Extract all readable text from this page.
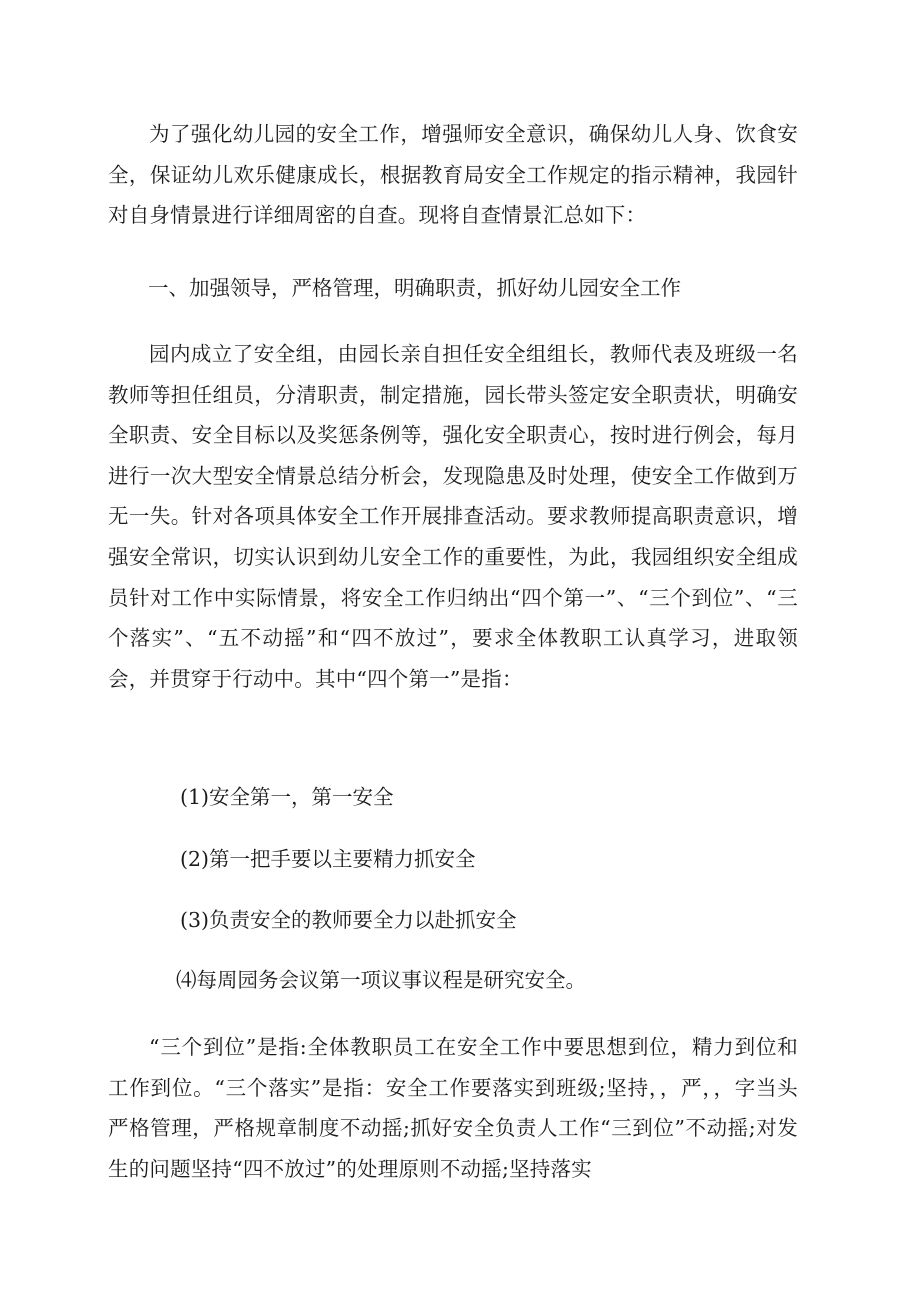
为了强化幼儿园的安全工作，增强师安全意识，确保幼儿人身、饮食安全，保证幼儿欢乐健康成长，根据教育局安全工作规定的指示精神，我园针对自身情景进行详细周密的自查。现将自查情景汇总如下：

一、加强领导，严格管理，明确职责，抓好幼儿园安全工作

园内成立了安全组，由园长亲自担任安全组组长，教师代表及班级一名教师等担任组员，分清职责，制定措施，园长带头签定安全职责状，明确安全职责、安全目标以及奖惩条例等，强化安全职责心，按时进行例会，每月进行一次大型安全情景总结分析会，发现隐患及时处理，使安全工作做到万无一失。针对各项具体安全工作开展排查活动。要求教师提高职责意识，增强安全常识，切实认识到幼儿安全工作的重要性，为此，我园组织安全组成员针对工作中实际情景，将安全工作归纳出“四个第一”、“三个到位”、“三个落实”、“五不动摇”和“四不放过”，要求全体教职工认真学习，进取领会，并贯穿于行动中。其中“四个第一”是指：

(1)安全第一，第一安全

(2)第一把手要以主要精力抓安全

(3)负责安全的教师要全力以赴抓安全

⑷每周园务会议第一项议事议程是研究安全。

“三个到位”是指:全体教职员工在安全工作中要思想到位，精力到位和工作到位。“三个落实”是指：安全工作要落实到班级;坚持，，严，，字当头严格管理，严格规章制度不动摇;抓好安全负责人工作“三到位”不动摇;对发生的问题坚持“四不放过”的处理原则不动摇;坚持落实
